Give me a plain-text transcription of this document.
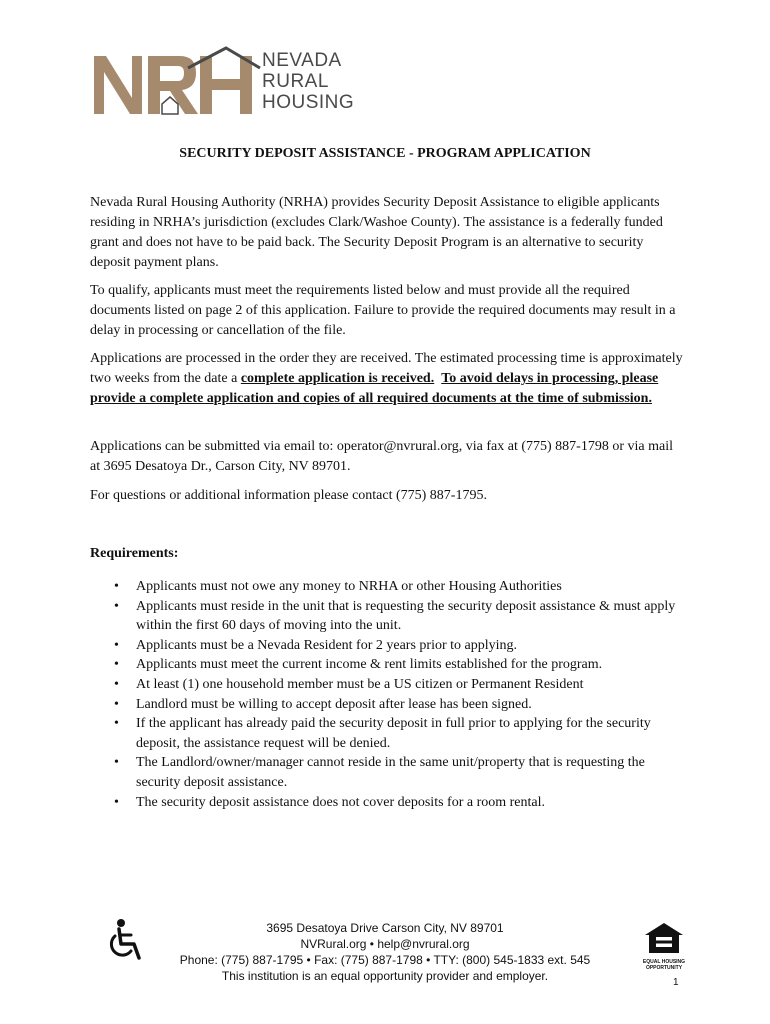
NEVADA
RURAL
HOUSING
SECURITY DEPOSIT ASSISTANCE - PROGRAM APPLICATION

Nevada Rural Housing Authority (NRHA) provides Security Deposit Assistance to eligible applicants residing in NRHA’s jurisdiction (excludes Clark/Washoe County). The assistance is a federally funded grant and does not have to be paid back. The Security Deposit Program is an alternative to security deposit payment plans.

To qualify, applicants must meet the requirements listed below and must provide all the required documents listed on page 2 of this application. Failure to provide the required documents may result in a delay in processing or cancellation of the file.

Applications are processed in the order they are received. The estimated processing time is approximately two weeks from the date a complete application is received. To avoid delays in processing, please provide a complete application and copies of all required documents at the time of submission.

Applications can be submitted via email to: operator@nvrural.org, via fax at (775) 887-1798 or via mail at 3695 Desatoya Dr., Carson City, NV 89701.

For questions or additional information please contact (775) 887-1795.

Requirements:
• Applicants must not owe any money to NRHA or other Housing Authorities
• Applicants must reside in the unit that is requesting the security deposit assistance & must apply within the first 60 days of moving into the unit.
• Applicants must be a Nevada Resident for 2 years prior to applying.
• Applicants must meet the current income & rent limits established for the program.
• At least (1) one household member must be a US citizen or Permanent Resident
• Landlord must be willing to accept deposit after lease has been signed.
• If the applicant has already paid the security deposit in full prior to applying for the security deposit, the assistance request will be denied.
• The Landlord/owner/manager cannot reside in the same unit/property that is requesting the security deposit assistance.
• The security deposit assistance does not cover deposits for a room rental.
EQUAL HOUSING
OPPORTUNITY
3695 Desatoya Drive Carson City, NV 89701
NVRural.org • help@nvrural.org
Phone: (775) 887-1795 • Fax: (775) 887-1798 • TTY: (800) 545-1833 ext. 545
This institution is an equal opportunity provider and employer.	1
